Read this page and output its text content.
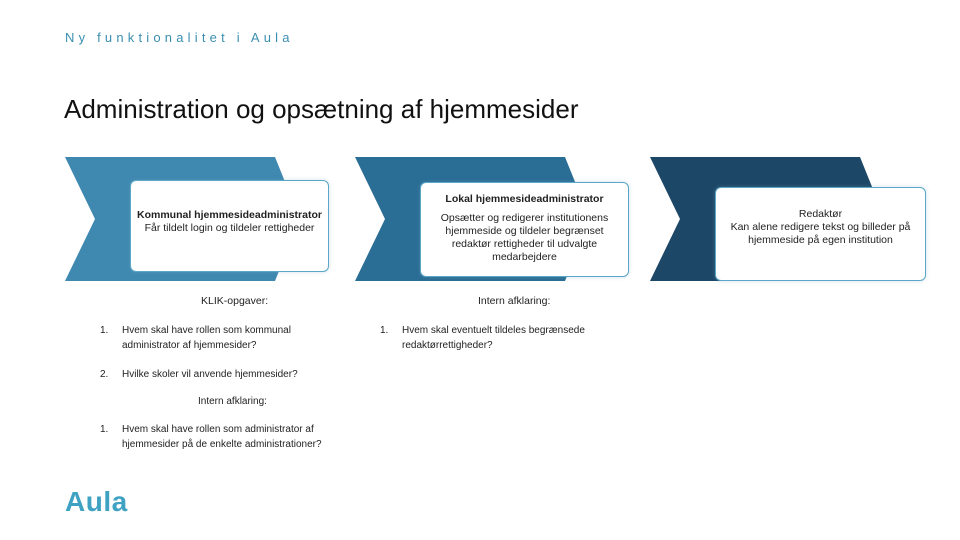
Ny funktionalitet i Aula
Administration og opsætning af hjemmesider
Kommunal hjemmesideadministrator
Får tildelt login og tildeler rettigheder
Lokal hjemmesideadministrator
Opsætter og redigerer institutionens hjemmeside og tildeler begrænset redaktør rettigheder til udvalgte medarbejdere
Redaktør
Kan alene redigere tekst og billeder på hjemmeside på egen institution
KLIK-opgaver:
1. Hvem skal have rollen som kommunal administrator af hjemmesider?
2. Hvilke skoler vil anvende hjemmesider?
Intern afklaring:
1. Hvem skal have rollen som administrator af hjemmesider på de enkelte administrationer?
Intern afklaring:
1. Hvem skal eventuelt tildeles begrænsede redaktørrettigheder?
Aula
